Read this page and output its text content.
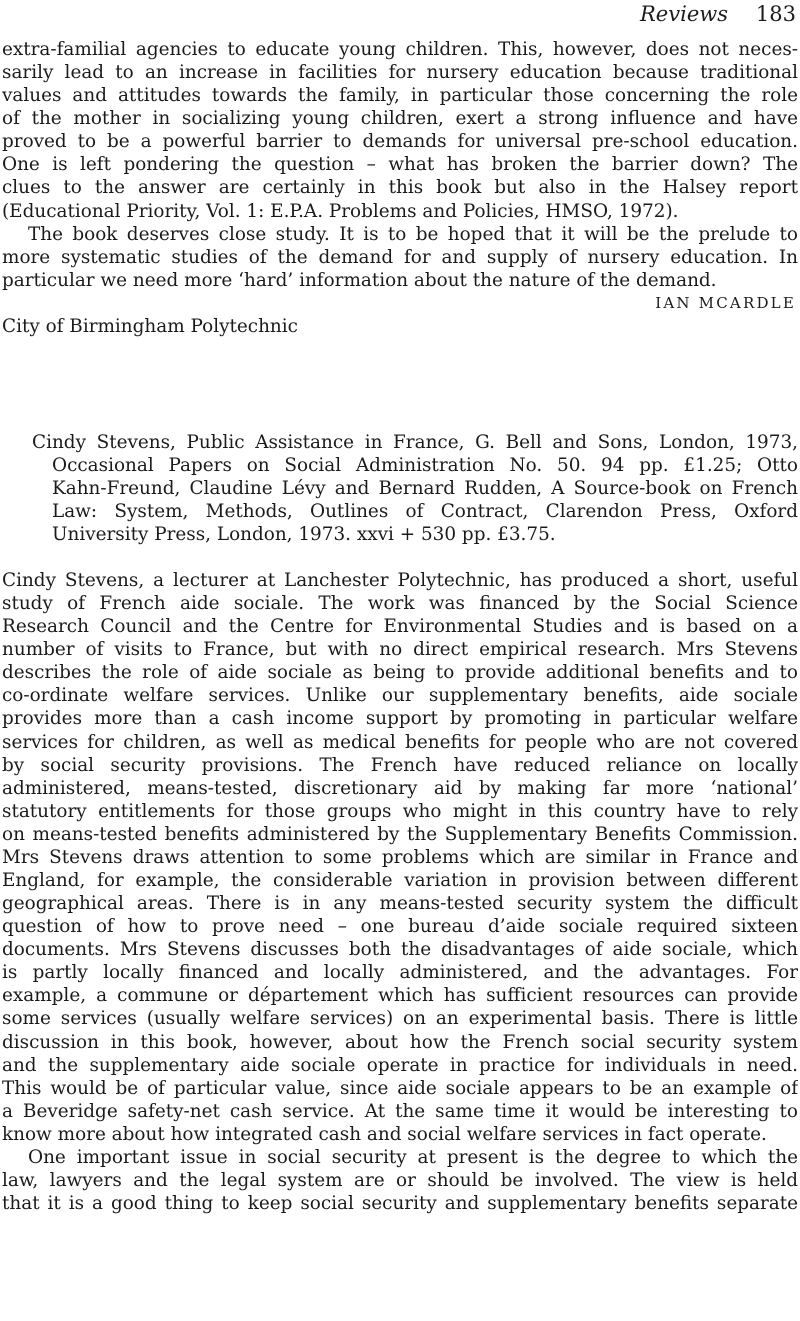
Reviews 183
extra-familial agencies to educate young children. This, however, does not neces-
sarily lead to an increase in facilities for nursery education because traditional
values and attitudes towards the family, in particular those concerning the role
of the mother in socializing young children, exert a strong influence and have
proved to be a powerful barrier to demands for universal pre-school education.
One is left pondering the question – what has broken the barrier down? The
clues to the answer are certainly in this book but also in the Halsey report
(Educational Priority, Vol. 1: E.P.A. Problems and Policies, HMSO, 1972).
The book deserves close study. It is to be hoped that it will be the prelude to
more systematic studies of the demand for and supply of nursery education. In
particular we need more ‘hard’ information about the nature of the demand.
IAN MCARDLE
City of Birmingham Polytechnic
Cindy Stevens, Public Assistance in France, G. Bell and Sons, London, 1973,
Occasional Papers on Social Administration No. 50. 94 pp. £1.25; Otto
Kahn-Freund, Claudine Lévy and Bernard Rudden, A Source-book on French
Law: System, Methods, Outlines of Contract, Clarendon Press, Oxford
University Press, London, 1973. xxvi + 530 pp. £3.75.
Cindy Stevens, a lecturer at Lanchester Polytechnic, has produced a short, useful
study of French aide sociale. The work was financed by the Social Science
Research Council and the Centre for Environmental Studies and is based on a
number of visits to France, but with no direct empirical research. Mrs Stevens
describes the role of aide sociale as being to provide additional benefits and to
co-ordinate welfare services. Unlike our supplementary benefits, aide sociale
provides more than a cash income support by promoting in particular welfare
services for children, as well as medical benefits for people who are not covered
by social security provisions. The French have reduced reliance on locally
administered, means-tested, discretionary aid by making far more ‘national’
statutory entitlements for those groups who might in this country have to rely
on means-tested benefits administered by the Supplementary Benefits Commission.
Mrs Stevens draws attention to some problems which are similar in France and
England, for example, the considerable variation in provision between different
geographical areas. There is in any means-tested security system the difficult
question of how to prove need – one bureau d’aide sociale required sixteen
documents. Mrs Stevens discusses both the disadvantages of aide sociale, which
is partly locally financed and locally administered, and the advantages. For
example, a commune or département which has sufficient resources can provide
some services (usually welfare services) on an experimental basis. There is little
discussion in this book, however, about how the French social security system
and the supplementary aide sociale operate in practice for individuals in need.
This would be of particular value, since aide sociale appears to be an example of
a Beveridge safety-net cash service. At the same time it would be interesting to
know more about how integrated cash and social welfare services in fact operate.
One important issue in social security at present is the degree to which the
law, lawyers and the legal system are or should be involved. The view is held
that it is a good thing to keep social security and supplementary benefits separate
